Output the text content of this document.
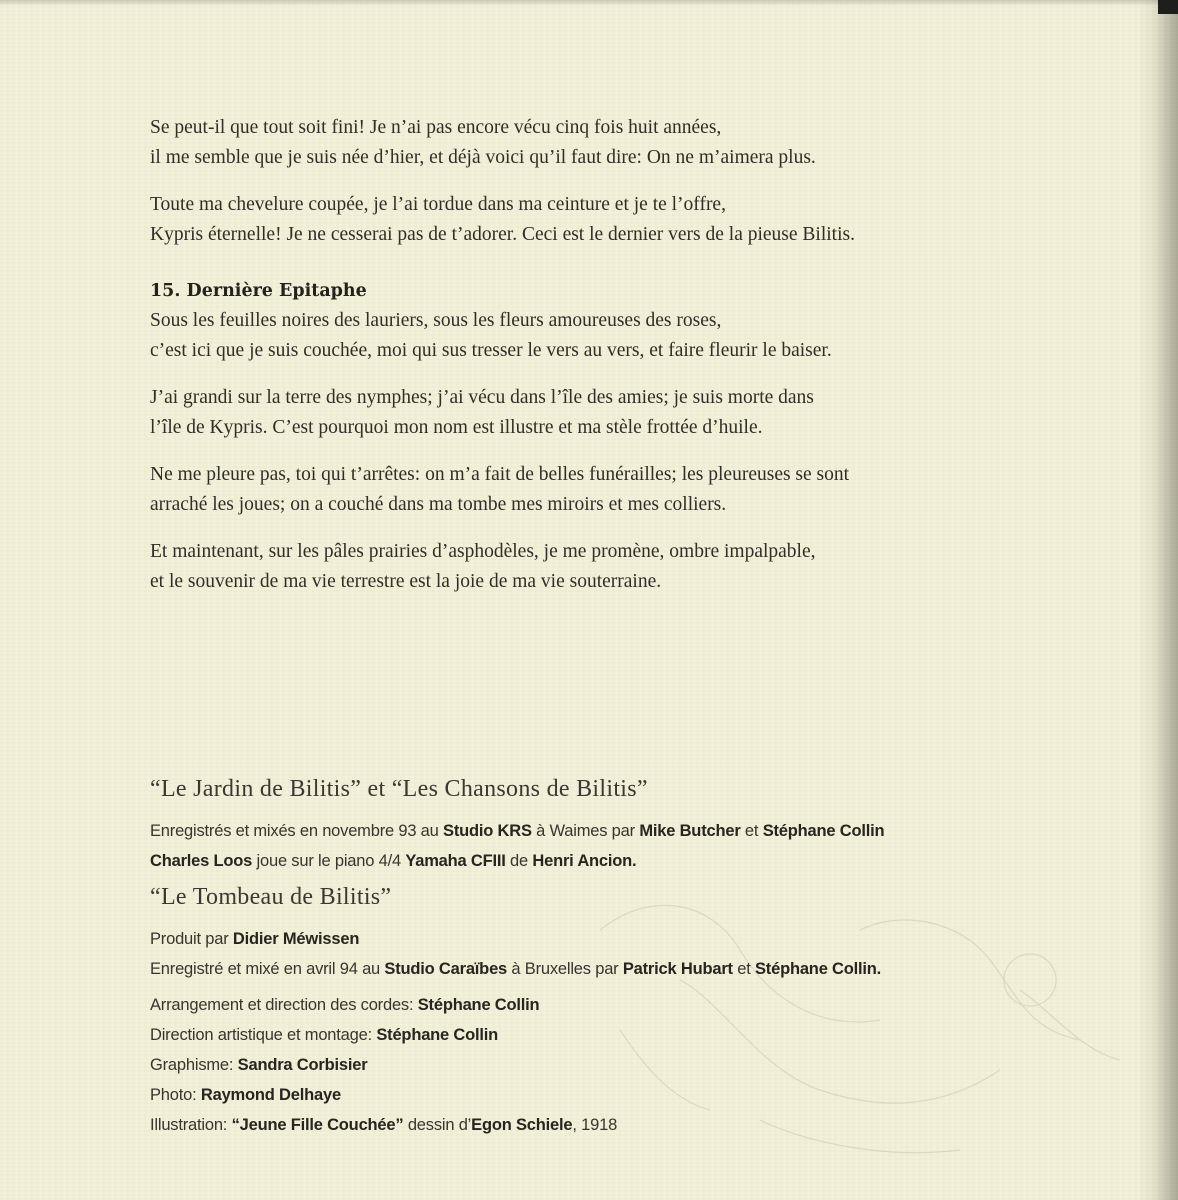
Se peut-il que tout soit fini! Je n’ai pas encore vécu cinq fois huit années,
il me semble que je suis née d’hier, et déjà voici qu’il faut dire: On ne m’aimera plus.

Toute ma chevelure coupée, je l’ai tordue dans ma ceinture et je te l’offre,
Kypris éternelle! Je ne cesserai pas de t’adorer. Ceci est le dernier vers de la pieuse Bilitis.

15. Dernière Epitaphe

Sous les feuilles noires des lauriers, sous les fleurs amoureuses des roses,
c’est ici que je suis couchée, moi qui sus tresser le vers au vers, et faire fleurir le baiser.

J’ai grandi sur la terre des nymphes; j’ai vécu dans l’île des amies; je suis morte dans
l’île de Kypris. C’est pourquoi mon nom est illustre et ma stèle frottée d’huile.

Ne me pleure pas, toi qui t’arrêtes: on m’a fait de belles funérailles; les pleureuses se sont
arraché les joues; on a couché dans ma tombe mes miroirs et mes colliers.

Et maintenant, sur les pâles prairies d’asphodèles, je me promène, ombre impalpable,
et le souvenir de ma vie terrestre est la joie de ma vie souterraine.

“Le Jardin de Bilitis” et “Les Chansons de Bilitis”
Enregistrés et mixés en novembre 93 au Studio KRS à Waimes par Mike Butcher et Stéphane Collin
Charles Loos joue sur le piano 4/4 Yamaha CFIII de Henri Ancion.
“Le Tombeau de Bilitis”
Produit par Didier Méwissen
Enregistré et mixé en avril 94 au Studio Caraïbes à Bruxelles par Patrick Hubart et Stéphane Collin.
Arrangement et direction des cordes: Stéphane Collin
Direction artistique et montage: Stéphane Collin
Graphisme: Sandra Corbisier
Photo: Raymond Delhaye
Illustration: “Jeune Fille Couchée” dessin d’Egon Schiele, 1918
